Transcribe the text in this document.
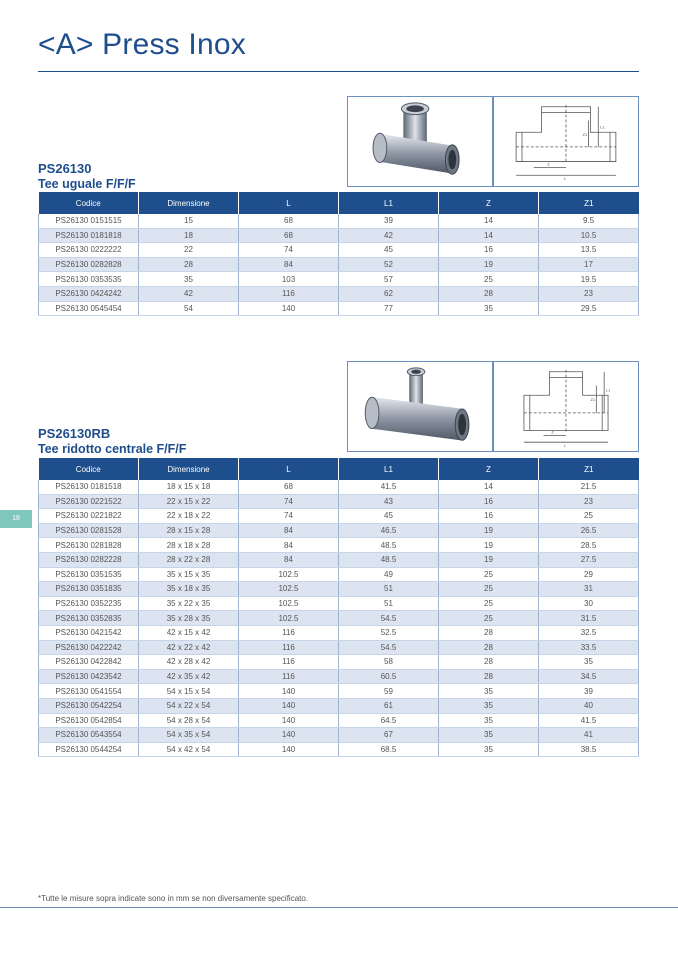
<A> Press Inox
L
Z
L1
Z1
PS26130
Tee uguale F/F/F
Codice	Dimensione	L	L1	Z	Z1
PS26130 0151515	15	68	39	14	9.5
PS26130 0181818	18	68	42	14	10.5
PS26130 0222222	22	74	45	16	13.5
PS26130 0282828	28	84	52	19	17
PS26130 0353535	35	103	57	25	19.5
PS26130 0424242	42	116	62	28	23
PS26130 0545454	54	140	77	35	29.5
L
Z
L1
Z1
PS26130RB
Tee ridotto centrale F/F/F
Codice	Dimensione	L	L1	Z	Z1
PS26130 0181518	18 x 15 x 18	68	41.5	14	21.5
PS26130 0221522	22 x 15 x 22	74	43	16	23
PS26130 0221822	22 x 18 x 22	74	45	16	25
PS26130 0281528	28 x 15 x 28	84	46.5	19	26.5
PS26130 0281828	28 x 18 x 28	84	48.5	19	28.5
PS26130 0282228	28 x 22 x 28	84	48.5	19	27.5
PS26130 0351535	35 x 15 x 35	102.5	49	25	29
PS26130 0351835	35 x 18 x 35	102.5	51	25	31
PS26130 0352235	35 x 22 x 35	102.5	51	25	30
PS26130 0352835	35 x 28 x 35	102.5	54.5	25	31.5
PS26130 0421542	42 x 15 x 42	116	52.5	28	32.5
PS26130 0422242	42 x 22 x 42	116	54.5	28	33.5
PS26130 0422842	42 x 28 x 42	116	58	28	35
PS26130 0423542	42 x 35 x 42	116	60.5	28	34.5
PS26130 0541554	54 x 15 x 54	140	59	35	39
PS26130 0542254	54 x 22 x 54	140	61	35	40
PS26130 0542854	54 x 28 x 54	140	64.5	35	41.5
PS26130 0543554	54 x 35 x 54	140	67	35	41
PS26130 0544254	54 x 42 x 54	140	68.5	35	38.5
18
*Tutte le misure sopra indicate sono in mm se non diversamente specificato.
